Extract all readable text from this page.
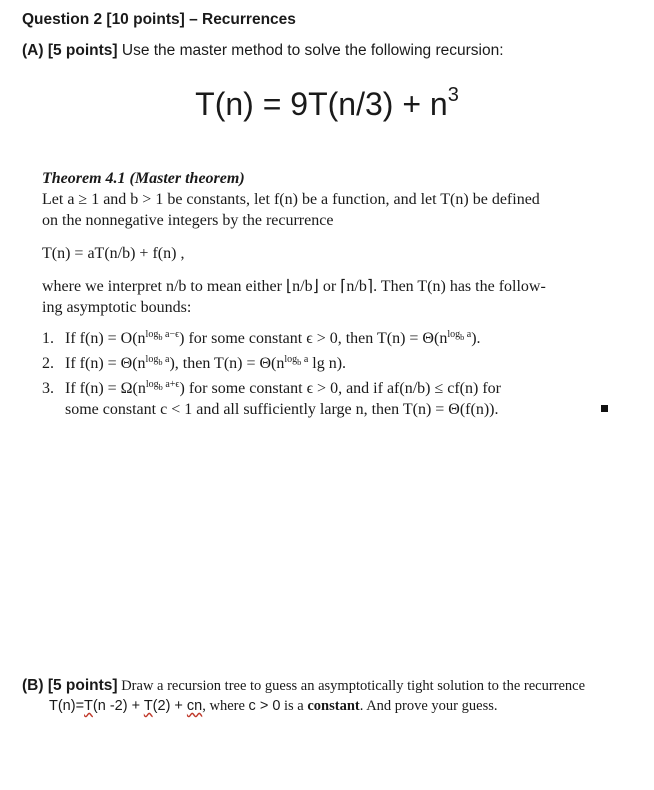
Question 2 [10 points] – Recurrences
(A) [5 points] Use the master method to solve the following recursion:
$T(n) = 9T(n/3) + n^3$
Theorem 4.1 (Master theorem)
Let a ≥ 1 and b > 1 be constants, let f(n) be a function, and let T(n) be defined
on the nonnegative integers by the recurrence
T(n) = aT(n/b) + f(n) ,
where we interpret n/b to mean either ⌊n/b⌋ or ⌈n/b⌉. Then T(n) has the follow-
ing asymptotic bounds:
1. If $f(n) = O(n^{log_b a-\epsilon})$ for some constant ϵ > 0, then $T(n) = \Theta(n^{log_b a})$.
2. If $f(n) = \Theta(n^{log_b a})$, then $T(n) = \Theta(n^{log_b a}$ lg n).
3. If $f(n) = \Omega(n^{log_b a+\epsilon})$ for some constant ϵ > 0, and if af(n/b) ≤ cf(n) for
some constant c < 1 and all sufficiently large n, then T(n) = Θ(f(n)).
(B) [5 points] Draw a recursion tree to guess an asymptotically tight solution to the recurrence
T(n)=T(n -2) + T(2) + cn, where c > 0 is a constant. And prove your guess.
